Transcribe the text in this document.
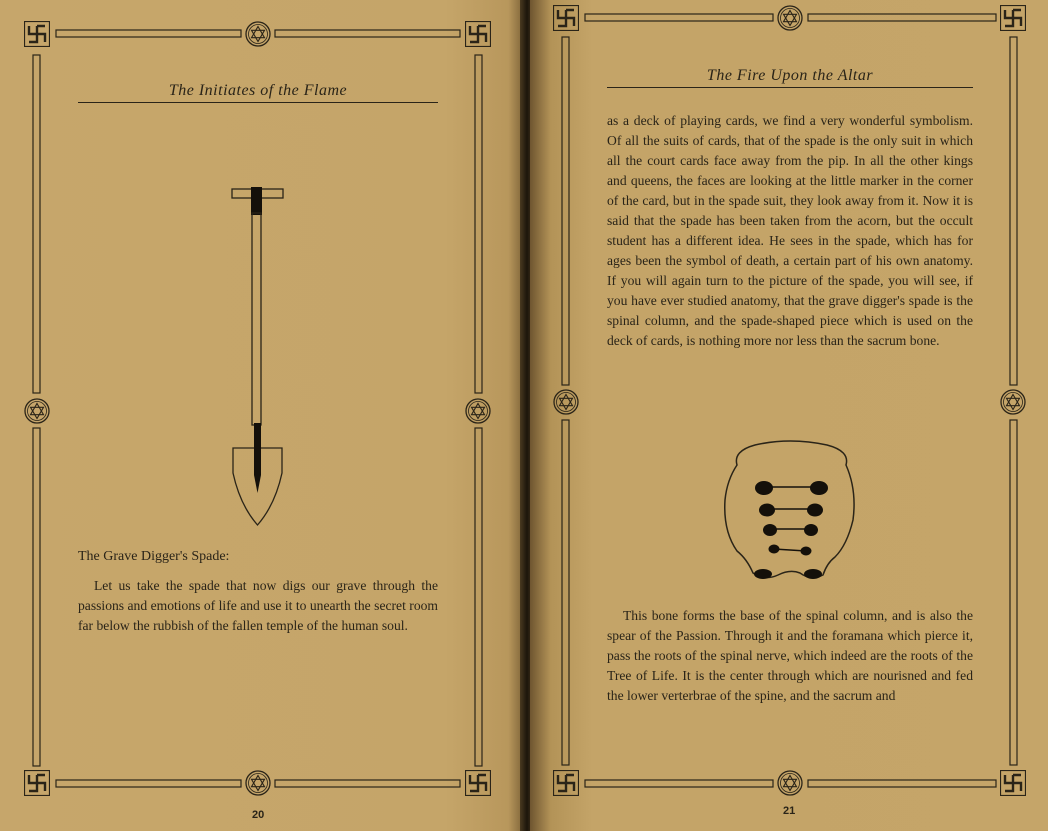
The Initiates of the Flame
The Grave Digger's Spade:
Let us take the spade that now digs our grave through the passions and emotions of life and use it to unearth the secret room far below the rubbish of the fallen temple of the human soul.
20
The Fire Upon the Altar
as a deck of playing cards, we find a very wonderful symbolism. Of all the suits of cards, that of the spade is the only suit in which all the court cards face away from the pip. In all the other kings and queens, the faces are looking at the little marker in the corner of the card, but in the spade suit, they look away from it. Now it is said that the spade has been taken from the acorn, but the occult student has a different idea. He sees in the spade, which has for ages been the symbol of death, a certain part of his own anatomy. If you will again turn to the picture of the spade, you will see, if you have ever studied anatomy, that the grave digger's spade is the spinal column, and the spade-shaped piece which is used on the deck of cards, is nothing more nor less than the sacrum bone.
This bone forms the base of the spinal column, and is also the spear of the Passion. Through it and the foramana which pierce it, pass the roots of the spinal nerve, which indeed are the roots of the Tree of Life. It is the center through which are nourisned and fed the lower verterbrae of the spine, and the sacrum and
21
